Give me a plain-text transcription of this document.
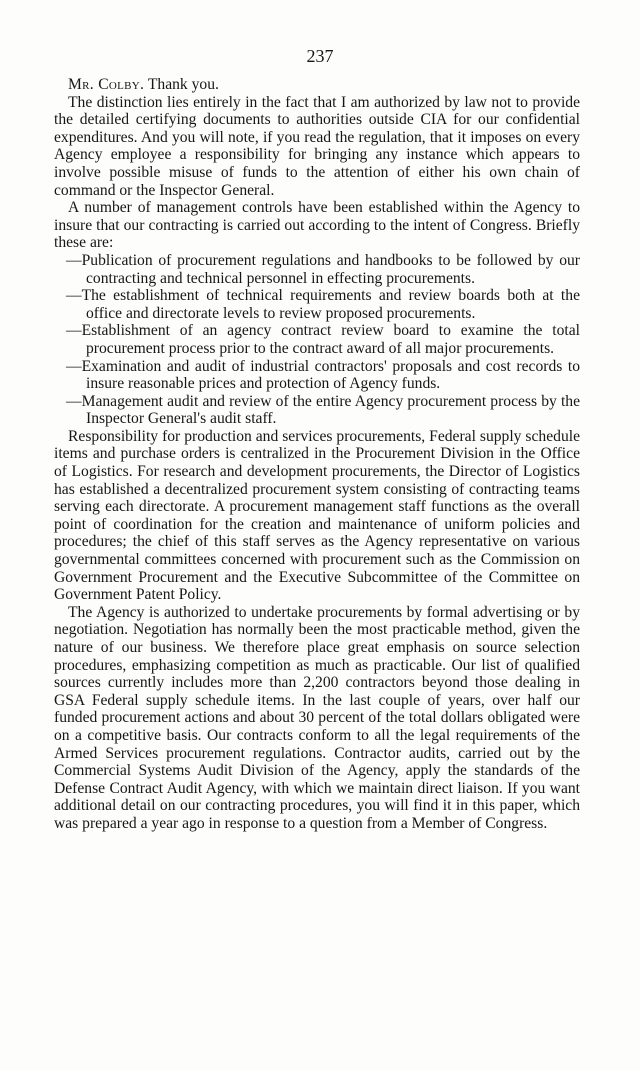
237

Mr. Colby. Thank you.

The distinction lies entirely in the fact that I am authorized by law not to provide the detailed certifying documents to authorities outside CIA for our confidential expenditures. And you will note, if you read the regulation, that it imposes on every Agency employee a responsibility for bringing any instance which appears to involve possible misuse of funds to the attention of either his own chain of command or the Inspector General.

A number of management controls have been established within the Agency to insure that our contracting is carried out according to the intent of Congress. Briefly these are:

—Publication of procurement regulations and handbooks to be followed by our contracting and technical personnel in effecting procurements.
—The establishment of technical requirements and review boards both at the office and directorate levels to review proposed procurements.
—Establishment of an agency contract review board to examine the total procurement process prior to the contract award of all major procurements.
—Examination and audit of industrial contractors' proposals and cost records to insure reasonable prices and protection of Agency funds.
—Management audit and review of the entire Agency procurement process by the Inspector General's audit staff.

Responsibility for production and services procurements, Federal supply schedule items and purchase orders is centralized in the Procurement Division in the Office of Logistics. For research and development procurements, the Director of Logistics has established a decentralized procurement system consisting of contracting teams serving each directorate. A procurement management staff functions as the overall point of coordination for the creation and maintenance of uniform policies and procedures; the chief of this staff serves as the Agency representative on various governmental committees concerned with procurement such as the Commission on Government Procurement and the Executive Subcommittee of the Committee on Government Patent Policy.

The Agency is authorized to undertake procurements by formal advertising or by negotiation. Negotiation has normally been the most practicable method, given the nature of our business. We therefore place great emphasis on source selection procedures, emphasizing competition as much as practicable. Our list of qualified sources currently includes more than 2,200 contractors beyond those dealing in GSA Federal supply schedule items. In the last couple of years, over half our funded procurement actions and about 30 percent of the total dollars obligated were on a competitive basis. Our contracts conform to all the legal requirements of the Armed Services procurement regulations. Contractor audits, carried out by the Commercial Systems Audit Division of the Agency, apply the standards of the Defense Contract Audit Agency, with which we maintain direct liaison. If you want additional detail on our contracting procedures, you will find it in this paper, which was prepared a year ago in response to a question from a Member of Congress.
